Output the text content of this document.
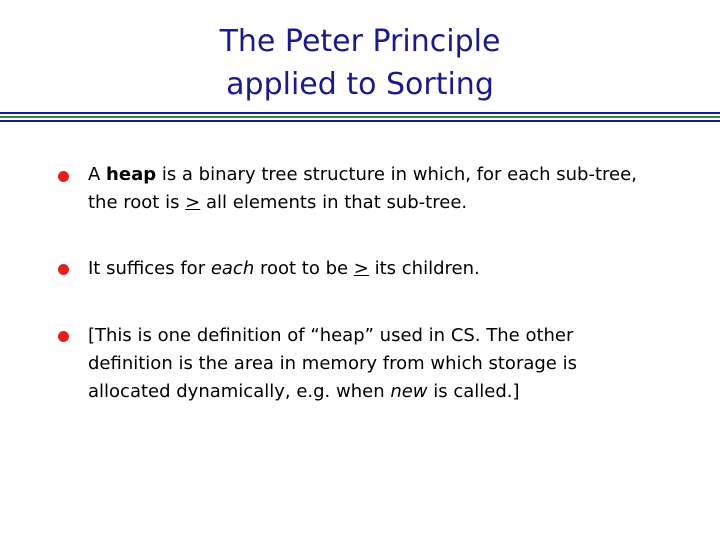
The Peter Principle
applied to Sorting
A heap is a binary tree structure in which, for each sub-tree, the root is > all elements in that sub-tree.
It suffices for each root to be > its children.
[This is one definition of “heap” used in CS. The other definition is the area in memory from which storage is allocated dynamically, e.g. when new is called.]
